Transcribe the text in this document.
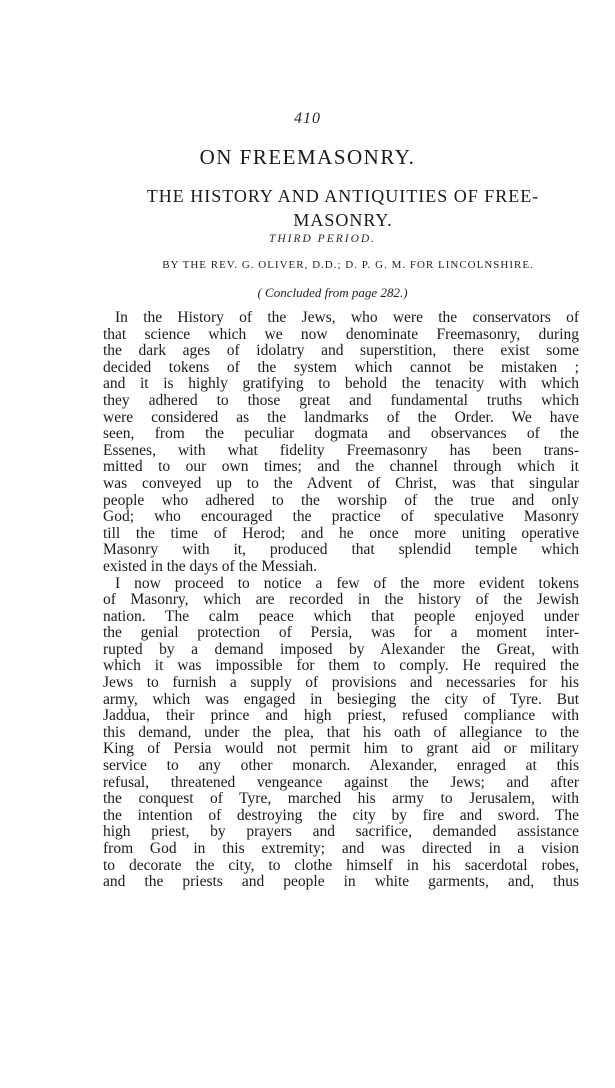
410
ON FREEMASONRY.
THE HISTORY AND ANTIQUITIES OF FREE-
MASONRY.
THIRD PERIOD.
BY THE REV. G. OLIVER, D.D.; D. P. G. M. FOR LINCOLNSHIRE.
( Concluded from page 282.)
In the History of the Jews, who were the conservators of
that science which we now denominate Freemasonry, during
the dark ages of idolatry and superstition, there exist some
decided tokens of the system which cannot be mistaken ;
and it is highly gratifying to behold the tenacity with which
they adhered to those great and fundamental truths which
were considered as the landmarks of the Order. We have
seen, from the peculiar dogmata and observances of the
Essenes, with what fidelity Freemasonry has been trans-
mitted to our own times; and the channel through which it
was conveyed up to the Advent of Christ, was that singular
people who adhered to the worship of the true and only
God; who encouraged the practice of speculative Masonry
till the time of Herod; and he once more uniting operative
Masonry with it, produced that splendid temple which
existed in the days of the Messiah.
I now proceed to notice a few of the more evident tokens
of Masonry, which are recorded in the history of the Jewish
nation. The calm peace which that people enjoyed under
the genial protection of Persia, was for a moment inter-
rupted by a demand imposed by Alexander the Great, with
which it was impossible for them to comply. He required the
Jews to furnish a supply of provisions and necessaries for his
army, which was engaged in besieging the city of Tyre. But
Jaddua, their prince and high priest, refused compliance with
this demand, under the plea, that his oath of allegiance to the
King of Persia would not permit him to grant aid or military
service to any other monarch. Alexander, enraged at this
refusal, threatened vengeance against the Jews; and after
the conquest of Tyre, marched his army to Jerusalem, with
the intention of destroying the city by fire and sword. The
high priest, by prayers and sacrifice, demanded assistance
from God in this extremity; and was directed in a vision
to decorate the city, to clothe himself in his sacerdotal robes,
and the priests and people in white garments, and, thus
